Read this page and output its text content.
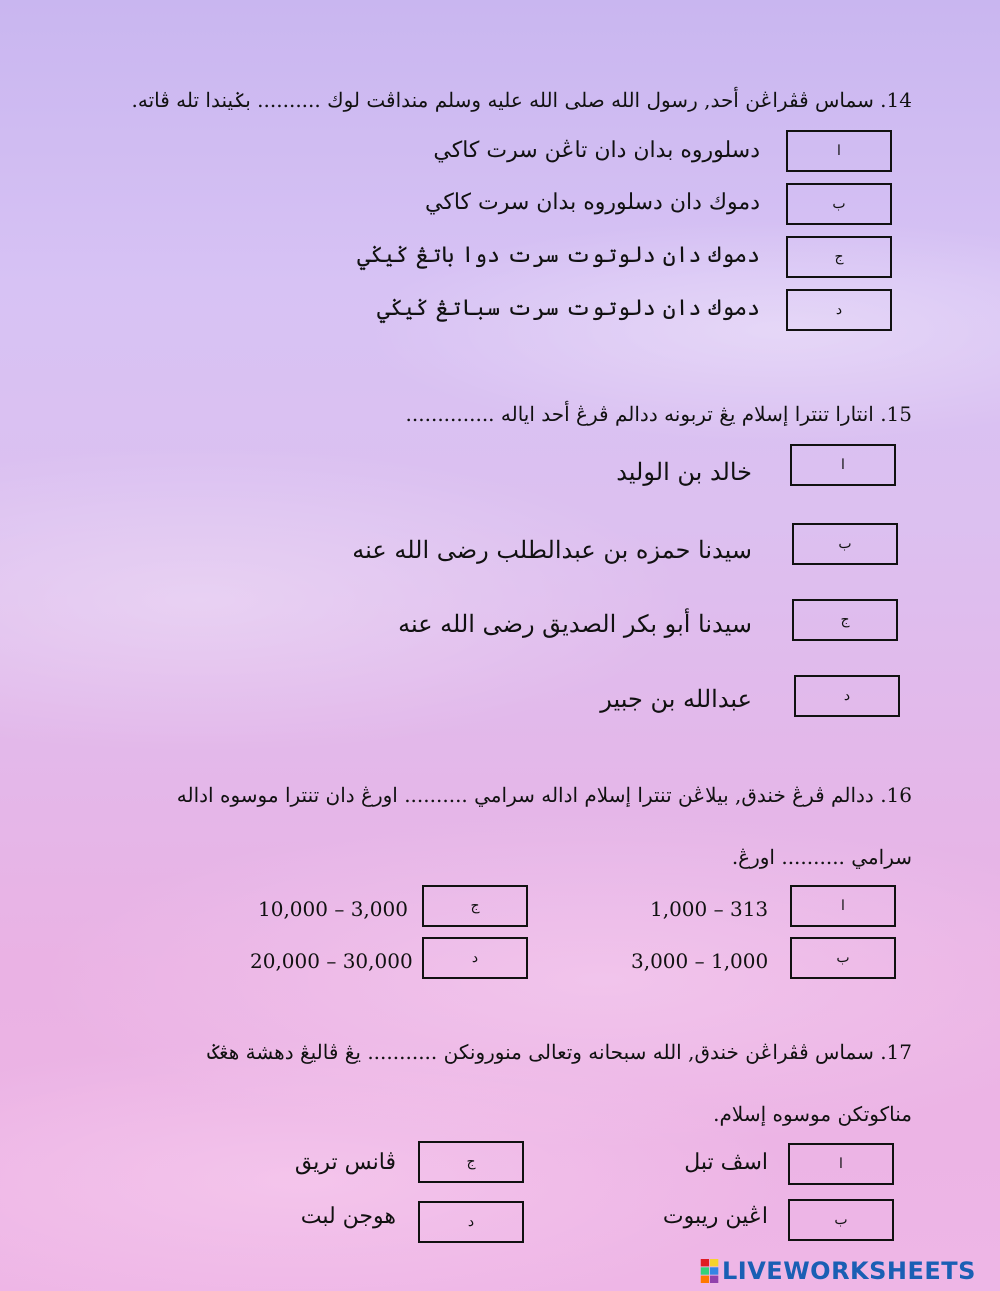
14. سماس ڤڤراڠن أحد, رسول الله صلى الله عليه وسلم منداڤت لوك .......... بݢيندا تله ڤاته.
ا
دسلوروه بدان دان تاڠن سرت كاكي
ب
دموك دان دسلوروه بدان سرت كاكي
ج
دموك دان دلوتوت سرت دوا باتڠ ݢيݢي
د
دموك دان دلوتوت سرت سباتڠ ݢيݢي
15. انتارا تنترا إسلام يڠ تربونه ددالم ڤرڠ أحد اياله ..............
ا
خالد بن الوليد
ب
سيدنا حمزه بن عبدالطلب رضى الله عنه
ج
سيدنا أبو بكر الصديق رضى الله عنه
د
عبدالله بن جبير
16. ددالم ڤرڠ خندق, بيلاڠن تنترا إسلام اداله سرامي .......... اورڠ دان تنترا موسوه اداله
سرامي .......... اورڠ.
ا
1,000 – 313
ب
3,000 – 1,000
ج
10,000 – 3,000
د
20,000 – 30,000
17. سماس ڤڤراڠن خندق, الله سبحانه وتعالى منورونكن ........... يڠ ڤاليڠ دهشة هڠݢ
مناكوتكن موسوه إسلام.
ا
اسڤ تبل
ب
اڠين ريبوت
ج
ڤانس تريق
د
هوجن لبت
LIVEWORKSHEETS
